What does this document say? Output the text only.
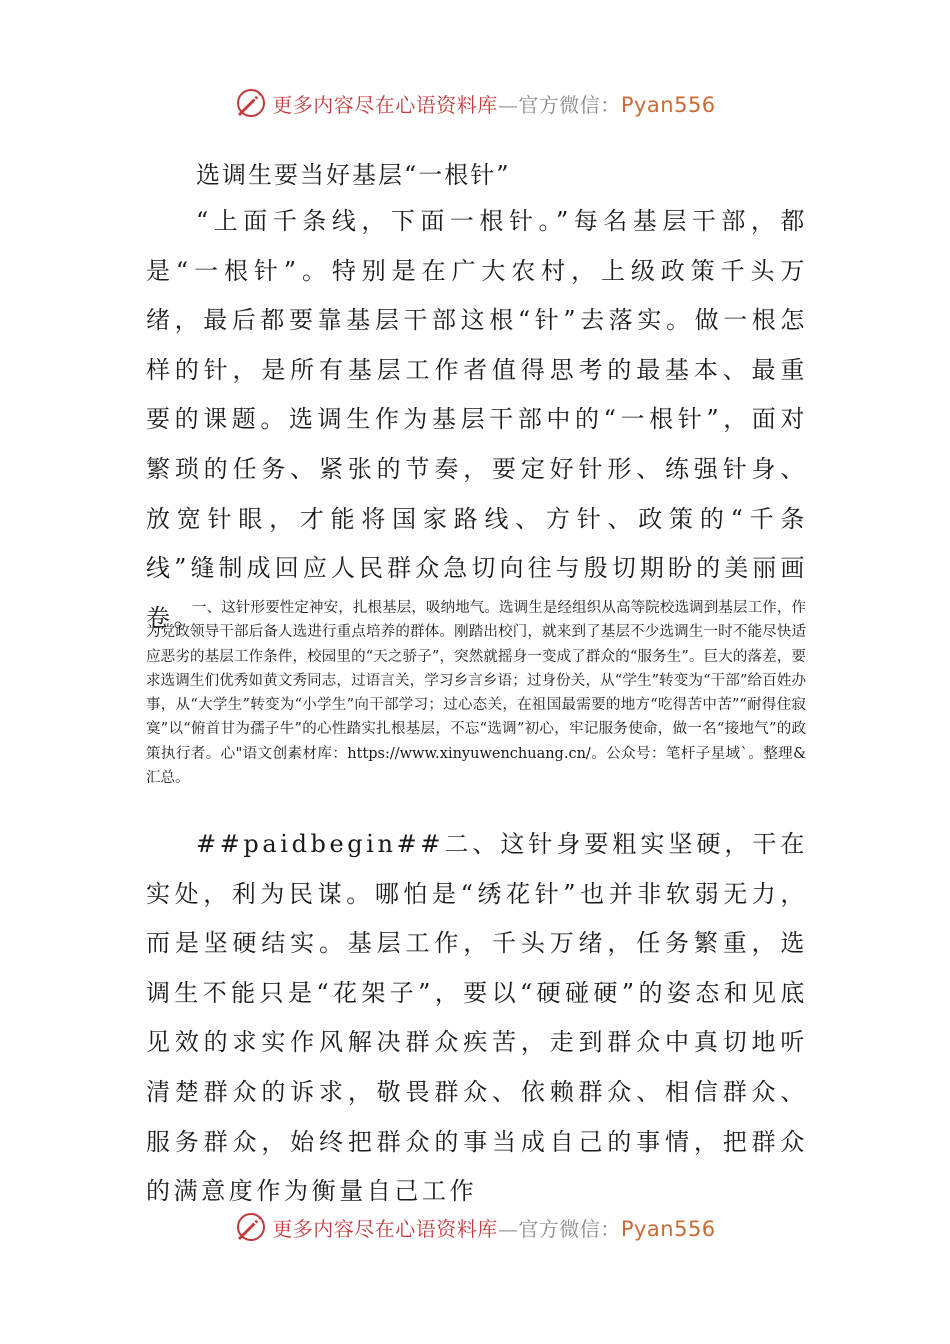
更多内容尽在心语资料库—官方微信：Pyan556
选调生要当好基层“一根针”

“上面千条线，下面一根针。”每名基层干部，都是“一根针”。特别是在广大农村，上级政策千头万绪，最后都要靠基层干部这根“针”去落实。做一根怎样的针，是所有基层工作者值得思考的最基本、最重要的课题。选调生作为基层干部中的“一根针”，面对繁琐的任务、紧张的节奏，要定好针形、练强针身、放宽针眼，才能将国家路线、方针、政策的“千条线”缝制成回应人民群众急切向往与殷切期盼的美丽画卷。

一、这针形要性定神安，扎根基层，吸纳地气。选调生是经组织从高等院校选调到基层工作，作为党政领导干部后备人选进行重点培养的群体。刚踏出校门，就来到了基层不少选调生一时不能尽快适应恶劣的基层工作条件，校园里的“天之骄子”，突然就摇身一变成了群众的“服务生”。巨大的落差，要求选调生们优秀如黄文秀同志，过语言关，学习乡言乡语；过身份关，从“学生”转变为“干部”给百姓办事，从“大学生”转变为“小学生”向干部学习；过心态关，在祖国最需要的地方“吃得苦中苦”“耐得住寂寞”以“俯首甘为孺子牛”的心性踏实扎根基层，不忘“选调”初心，牢记服务使命，做一名“接地气”的政策执行者。心"语文创素材库：https://www.xinyuwenchuang.cn/。公众号：笔杆子星域`。整理&汇总。

##paidbegin##二、这针身要粗实坚硬，干在实处，利为民谋。哪怕是“绣花针”也并非软弱无力，而是坚硬结实。基层工作，千头万绪，任务繁重，选调生不能只是“花架子”，要以“硬碰硬”的姿态和见底见效的求实作风解决群众疾苦，走到群众中真切地听清楚群众的诉求，敬畏群众、依赖群众、相信群众、服务群众，始终把群众的事当成自己的事情，把群众的满意度作为衡量自己工作

更多内容尽在心语资料库—官方微信：Pyan556
